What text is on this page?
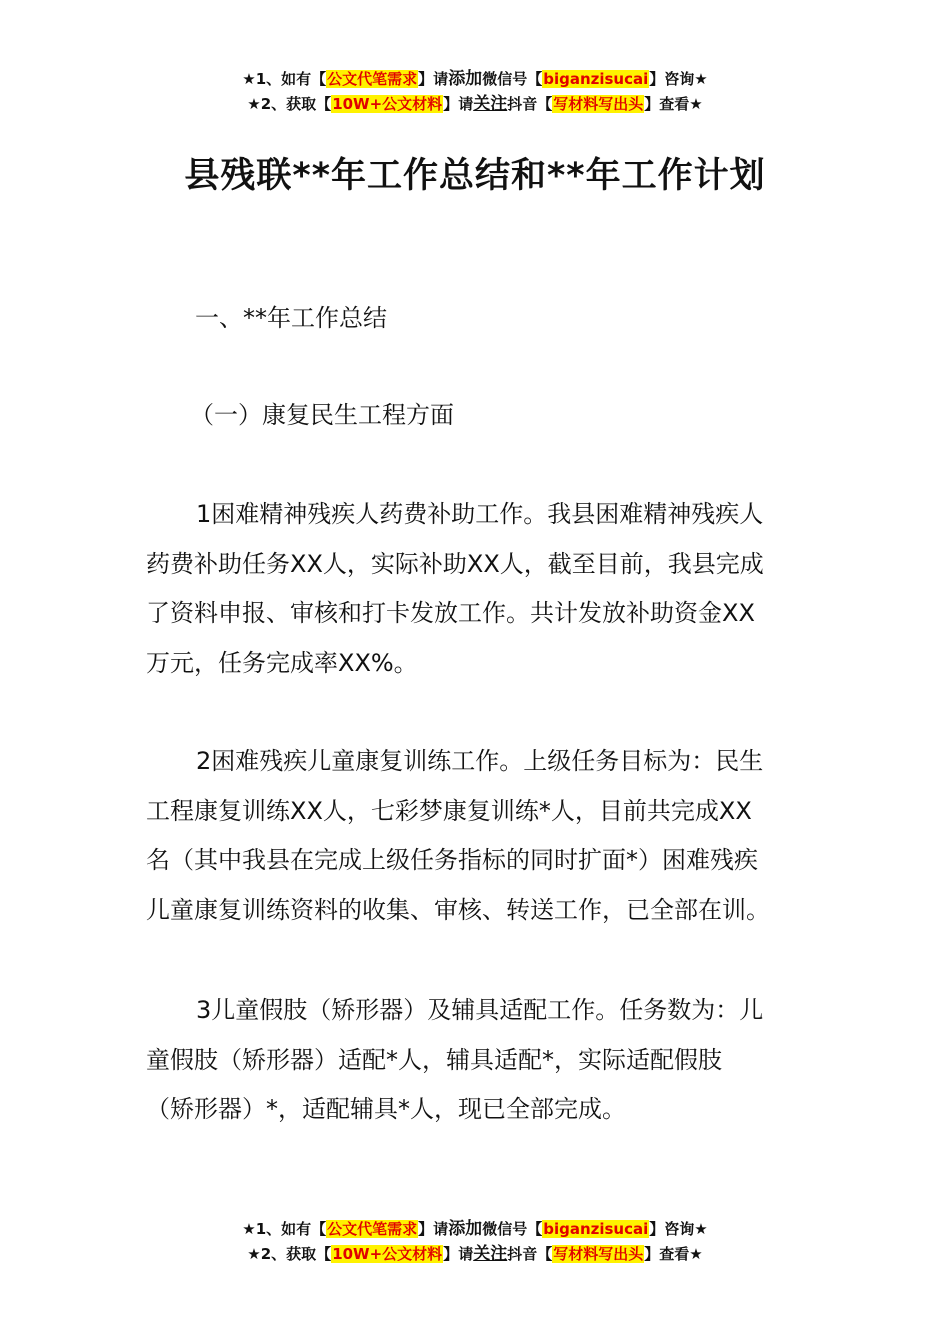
★1、如有【公文代笔需求】请添加微信号【biganzisucai】咨询★
★2、获取【10W+公文材料】请关注抖音【写材料写出头】查看★
县残联**年工作总结和**年工作计划
一、**年工作总结
（一）康复民生工程方面
1困难精神残疾人药费补助工作。我县困难精神残疾人
药费补助任务XX人，实际补助XX人，截至目前，我县完成
了资料申报、审核和打卡发放工作。共计发放补助资金XX
万元，任务完成率XX%。
2困难残疾儿童康复训练工作。上级任务目标为：民生
工程康复训练XX人，七彩梦康复训练*人，目前共完成XX
名（其中我县在完成上级任务指标的同时扩面*）困难残疾
儿童康复训练资料的收集、审核、转送工作，已全部在训。
3儿童假肢（矫形器）及辅具适配工作。任务数为：儿
童假肢（矫形器）适配*人，辅具适配*，实际适配假肢
（矫形器）*，适配辅具*人，现已全部完成。
★1、如有【公文代笔需求】请添加微信号【biganzisucai】咨询★
★2、获取【10W+公文材料】请关注抖音【写材料写出头】查看★
